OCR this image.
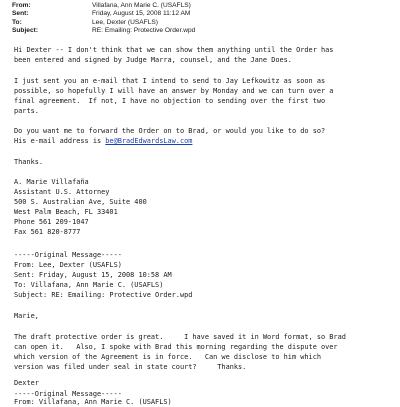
From:	Villafana, Ann Marie C. (USAFLS)
Sent:	Friday, August 15, 2008 11:12 AM
To:	Lee, Dexter (USAFLS)
Subject:	RE: Emailing: Protective Order.wpd
Hi Dexter -- I don't think that we can show them anything until the Order has
been entered and signed by Judge Marra, counsel, and the Jane Does.
I just sent you an e-mail that I intend to send to Jay Lefkowitz as soon as
possible, so hopefully I will have an answer by Monday and we can turn over a
final agreement.  If not, I have no objection to sending over the first two
parts.
Do you want me to forward the Order on to Brad, or would you like to do so?
His e-mail address is be@BradEdwardsLaw.com
Thanks.
A. Marie Villafaña
Assistant U.S. Attorney
500 S. Australian Ave, Suite 400
West Palm Beach, FL 33401
Phone 561 209-1047
Fax 561 820-8777
-----Original Message-----
From: Lee, Dexter (USAFLS)
Sent: Friday, August 15, 2008 10:58 AM
To: Villafana, Ann Marie C. (USAFLS)
Subject: RE: Emailing: Protective Order.wpd
Marie,
The draft protective order is great.     I have saved it in Word format, so Brad
can open it.   Also, I spoke with Brad this morning regarding the dispute over
which version of the Agreement is in force.   Can we disclose to him which
version was filed under seal in state court?     Thanks.
Dexter
-----Original Message-----
From: Villafana, Ann Marie C. (USAFLS)
